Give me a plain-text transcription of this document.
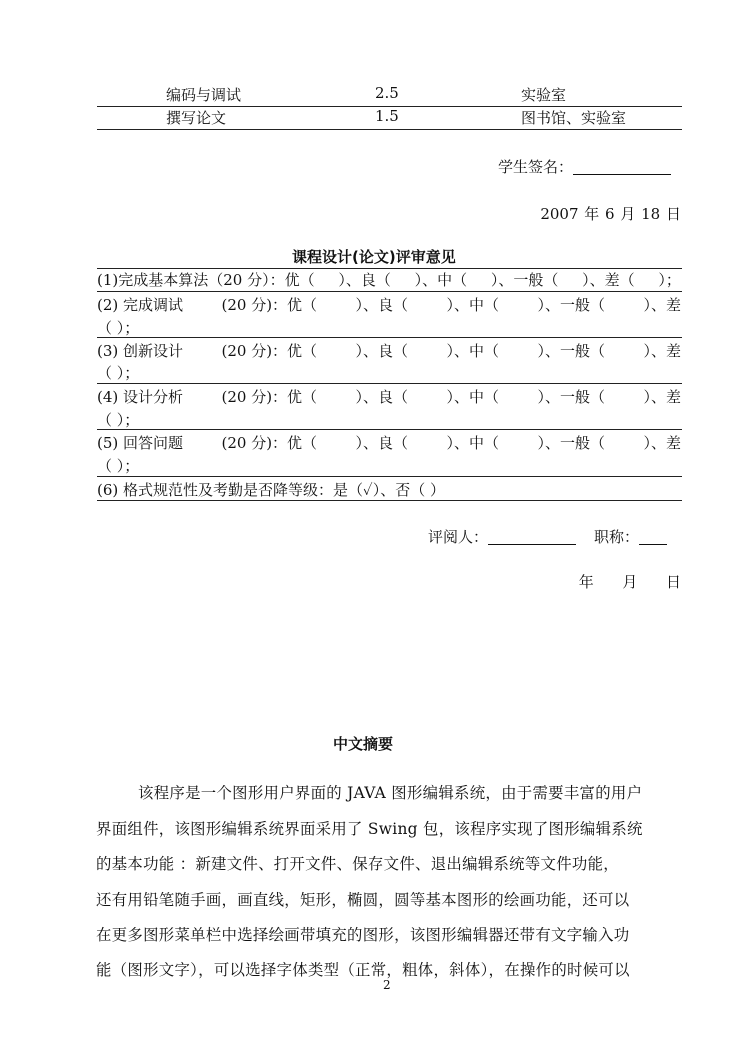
编码与调试	2.5	实验室
撰写论文	1.5	图书馆、实验室
学生签名：
2007 年 6 月 18 日
课程设计(论文)评审意见
(1)完成基本算法（20 分）：优（ ）、良（ ）、中（ ）、一般（ ）、差（ ）；
(2) 完成调试	(20 分)：优（	）、良（	）、中（	）、一般（	）、差
（ ）；
(3) 创新设计	(20 分)：优（	）、良（	）、中（	）、一般（	）、差
（ ）；
(4) 设计分析	(20 分)：优（	）、良（	）、中（	）、一般（	）、差
（ ）；
(5) 回答问题	(20 分)：优（	）、良（	）、中（	）、一般（	）、差
（ ）；
(6) 格式规范性及考勤是否降等级：是（✓）、否（ ）
评阅人：	职称：
年      月      日
中文摘要
该程序是一个图形用户界面的 JAVA 图形编辑系统，由于需要丰富的用户
界面组件，该图形编辑系统界面采用了 Swing 包，该程序实现了图形编辑系统
的基本功能 ：新建文件、打开文件、保存文件、退出编辑系统等文件功能，
还有用铅笔随手画，画直线，矩形，椭圆，圆等基本图形的绘画功能，还可以
在更多图形菜单栏中选择绘画带填充的图形，该图形编辑器还带有文字输入功
能（图形文字），可以选择字体类型（正常，粗体，斜体），在操作的时候可以
2
